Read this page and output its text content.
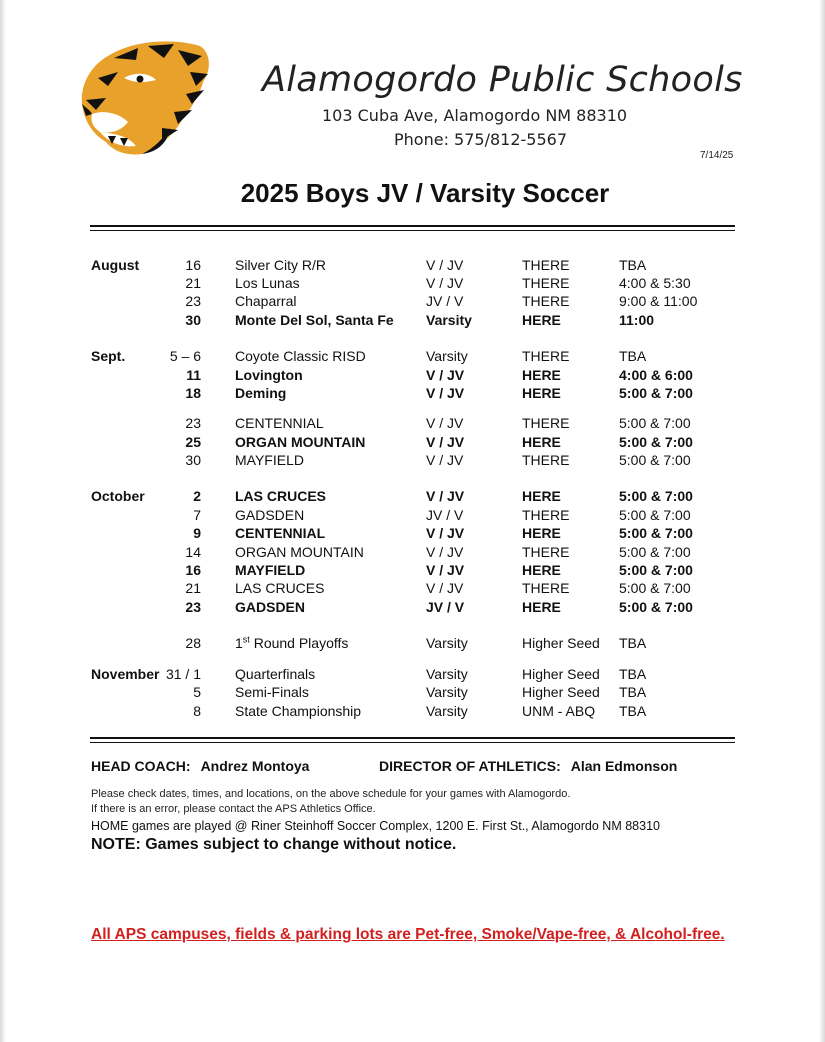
Alamogordo Public Schools
103 Cuba Ave, Alamogordo NM 88310
Phone: 575/812-5567
7/14/25
2025 Boys JV / Varsity Soccer
August	16 Silver City R/R	V / JV	THERE	TBA
21 Los Lunas	V / JV	THERE	4:00 & 5:30
23 Chaparral	JV / V	THERE	9:00 & 11:00
30 Monte Del Sol, Santa Fe Varsity	HERE	11:00
Sept.	5 – 6 Coyote Classic RISD	Varsity	THERE	TBA
11 Lovington	V / JV	HERE	4:00 & 6:00
18 Deming	V / JV	HERE	5:00 & 7:00
23 CENTENNIAL	V / JV	THERE	5:00 & 7:00
25 ORGAN MOUNTAIN	V / JV	HERE	5:00 & 7:00
30 MAYFIELD	V / JV	THERE	5:00 & 7:00
October	2 LAS CRUCES	V / JV	HERE	5:00 & 7:00
7 GADSDEN	JV / V	THERE	5:00 & 7:00
9 CENTENNIAL	V / JV	HERE	5:00 & 7:00
14 ORGAN MOUNTAIN	V / JV	THERE	5:00 & 7:00
16 MAYFIELD	V / JV	HERE	5:00 & 7:00
21 LAS CRUCES	V / JV	THERE	5:00 & 7:00
23 GADSDEN	JV / V	HERE	5:00 & 7:00
28 1st Round Playoffs	Varsity	Higher Seed TBA
November 31 / 1 Quarterfinals	Varsity	Higher Seed TBA
5 Semi-Finals	Varsity	Higher Seed TBA
8 State Championship	Varsity	UNM - ABQ TBA
HEAD COACH: Andrez Montoya	DIRECTOR OF ATHLETICS: Alan Edmonson
Please check dates, times, and locations, on the above schedule for your games with Alamogordo.
If there is an error, please contact the APS Athletics Office.
HOME games are played @ Riner Steinhoff Soccer Complex, 1200 E. First St., Alamogordo NM 88310
NOTE: Games subject to change without notice.
All APS campuses, fields & parking lots are Pet-free, Smoke/Vape-free, & Alcohol-free.
